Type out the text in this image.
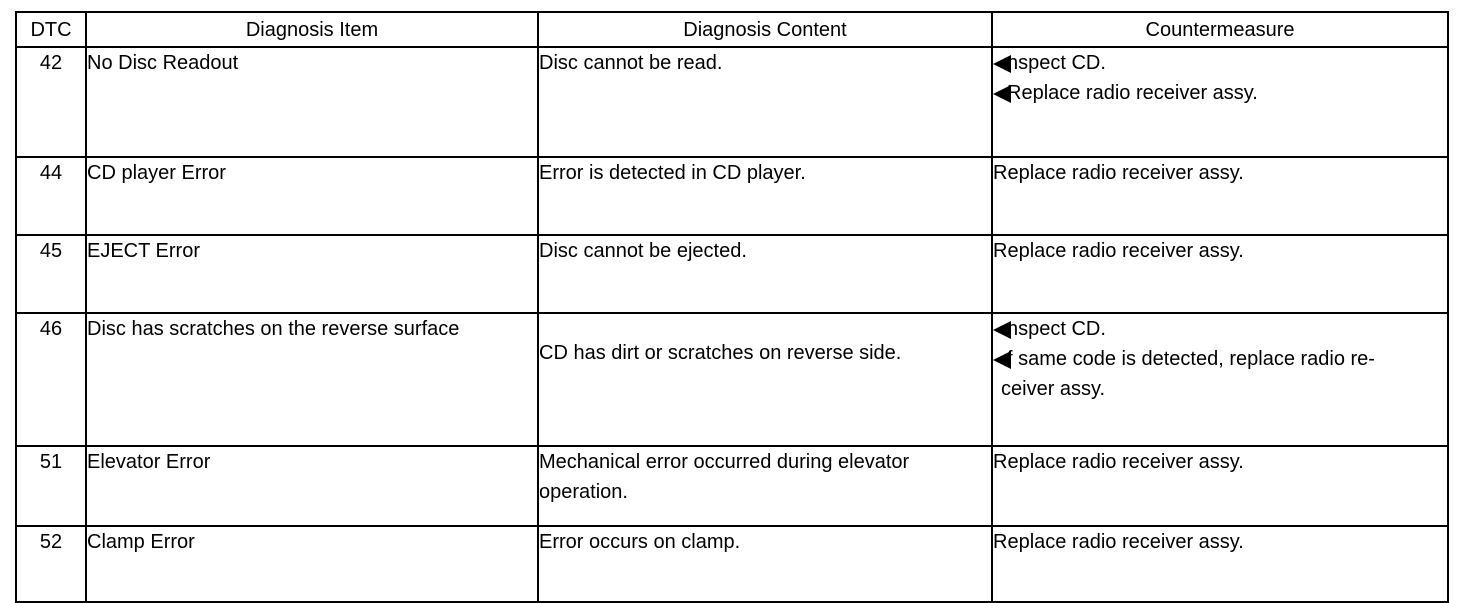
DTC	Diagnosis Item	Diagnosis Content	Countermeasure
42	No Disc Readout	Disc cannot be read.	nspect CD.
Replace radio receiver assy.

44	CD player Error	Error is detected in CD player.	Replace radio receiver assy.
45	EJECT Error	Disc cannot be ejected.	Replace radio receiver assy.
46	Disc has scratches on the reverse surface	CD has dirt or scratches on reverse side.	nspect CD.
f same code is detected, replace radio re-
ceiver assy.

51	Elevator Error	Mechanical error occurred during elevator operation.	Replace radio receiver assy.
52	Clamp Error	Error occurs on clamp.	Replace radio receiver assy.
